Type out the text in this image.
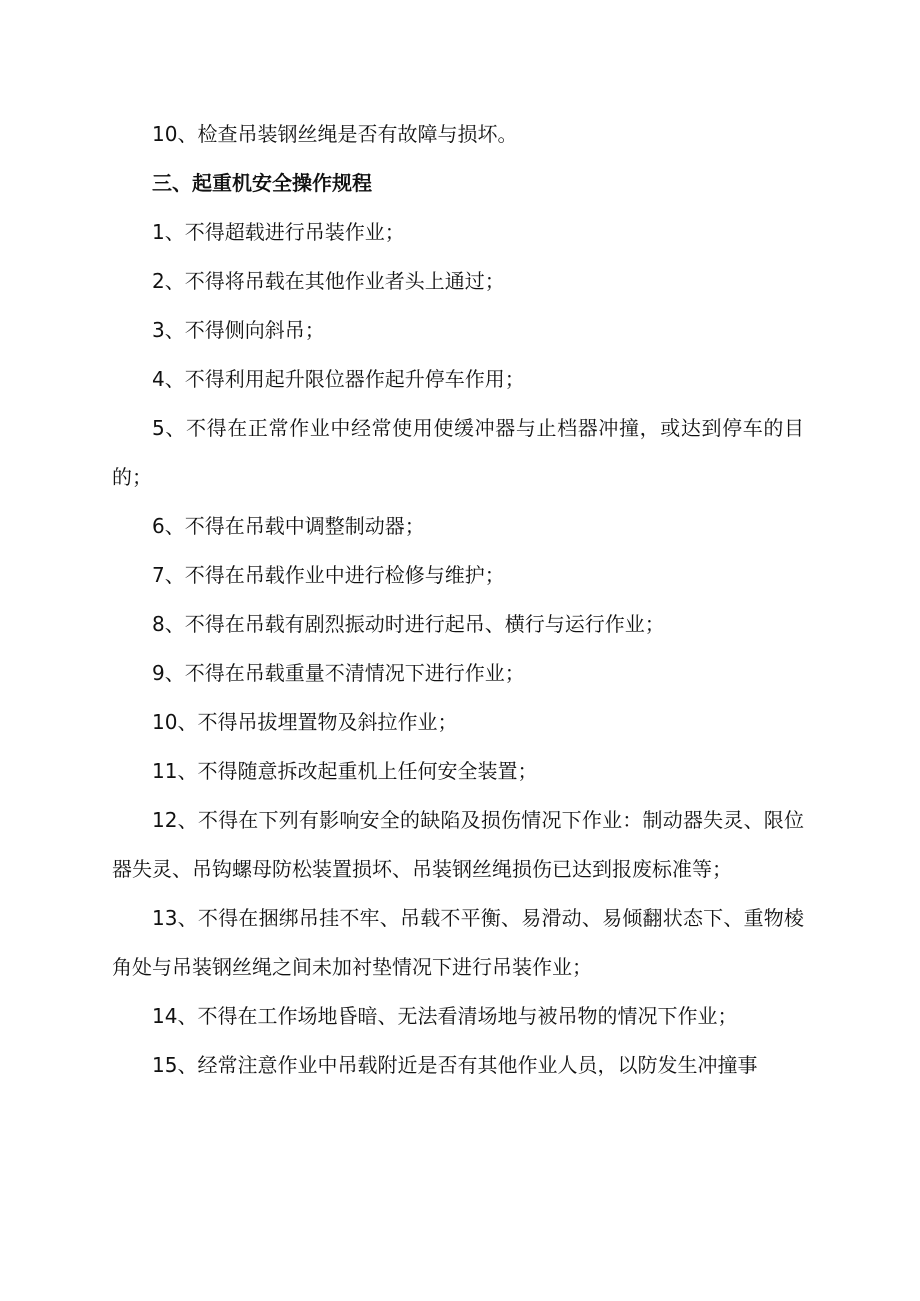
10、检查吊装钢丝绳是否有故障与损坏。

三、起重机安全操作规程

1、不得超载进行吊装作业；

2、不得将吊载在其他作业者头上通过；

3、不得侧向斜吊；

4、不得利用起升限位器作起升停车作用；

5、不得在正常作业中经常使用使缓冲器与止档器冲撞，或达到停车的目的；

6、不得在吊载中调整制动器；

7、不得在吊载作业中进行检修与维护；

8、不得在吊载有剧烈振动时进行起吊、横行与运行作业；

9、不得在吊载重量不清情况下进行作业；

10、不得吊拔埋置物及斜拉作业；

11、不得随意拆改起重机上任何安全装置；

12、不得在下列有影响安全的缺陷及损伤情况下作业：制动器失灵、限位器失灵、吊钩螺母防松装置损坏、吊装钢丝绳损伤已达到报废标准等；

13、不得在捆绑吊挂不牢、吊载不平衡、易滑动、易倾翻状态下、重物棱角处与吊装钢丝绳之间未加衬垫情况下进行吊装作业；

14、不得在工作场地昏暗、无法看清场地与被吊物的情况下作业；

15、经常注意作业中吊载附近是否有其他作业人员，以防发生冲撞事
